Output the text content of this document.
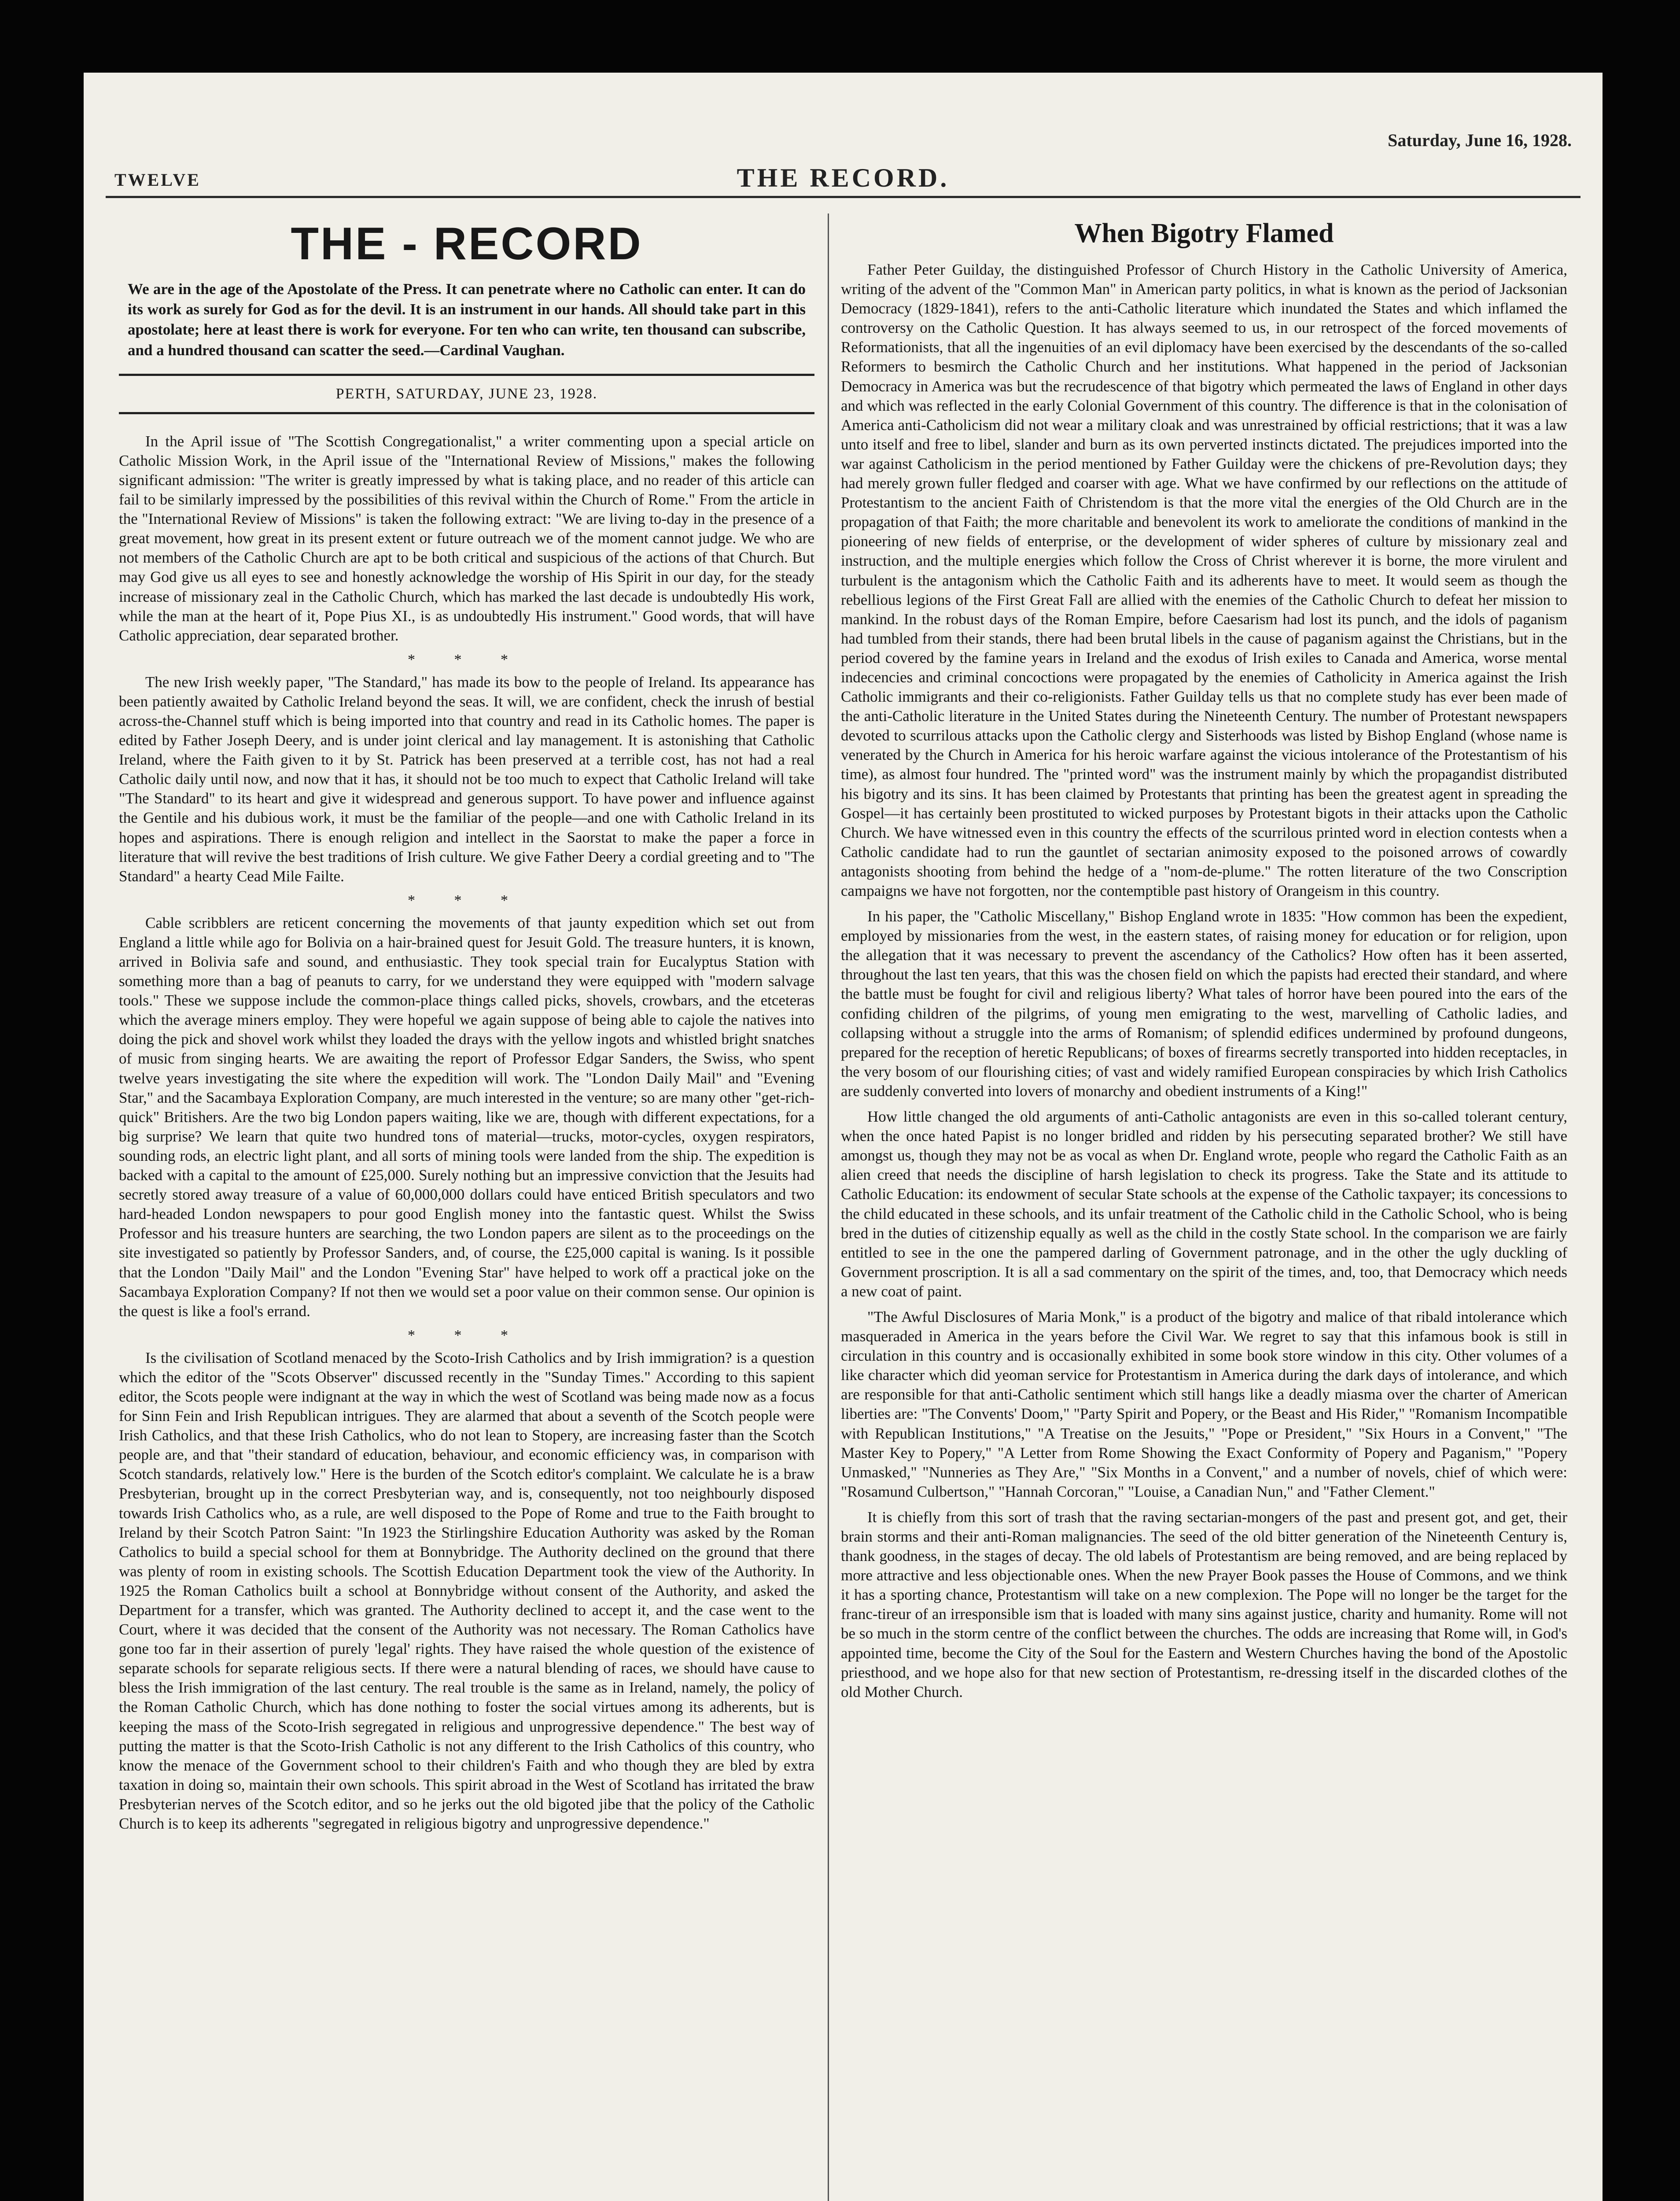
TWELVE	THE RECORD.
Saturday, June 16, 1928.
THE - RECORD
We are in the age of the Apostolate of the Press. It can penetrate where no Catholic can enter. It can do its work as surely for God as for the devil. It is an instrument in our hands. All should take part in this apostolate; here at least there is work for everyone. For ten who can write, ten thousand can subscribe, and a hundred thousand can scatter the seed.—Cardinal Vaughan.
PERTH, SATURDAY, JUNE 23, 1928.

In the April issue of "The Scottish Congregationalist," a writer commenting upon a special article on Catholic Mission Work, in the April issue of the "International Review of Missions," makes the following significant admission: "The writer is greatly impressed by what is taking place, and no reader of this article can fail to be similarly impressed by the possibilities of this revival within the Church of Rome." From the article in the "International Review of Missions" is taken the following extract: "We are living to-day in the presence of a great movement, how great in its present extent or future outreach we of the moment cannot judge. We who are not members of the Catholic Church are apt to be both critical and suspicious of the actions of that Church. But may God give us all eyes to see and honestly acknowledge the worship of His Spirit in our day, for the steady increase of missionary zeal in the Catholic Church, which has marked the last decade is undoubtedly His work, while the man at the heart of it, Pope Pius XI., is as undoubtedly His instrument." Good words, that will have Catholic appreciation, dear separated brother.

* * *

The new Irish weekly paper, "The Standard," has made its bow to the people of Ireland. Its appearance has been patiently awaited by Catholic Ireland beyond the seas. It will, we are confident, check the inrush of bestial across-the-Channel stuff which is being imported into that country and read in its Catholic homes. The paper is edited by Father Joseph Deery, and is under joint clerical and lay management. It is astonishing that Catholic Ireland, where the Faith given to it by St. Patrick has been preserved at a terrible cost, has not had a real Catholic daily until now, and now that it has, it should not be too much to expect that Catholic Ireland will take "The Standard" to its heart and give it widespread and generous support. To have power and influence against the Gentile and his dubious work, it must be the familiar of the people—and one with Catholic Ireland in its hopes and aspirations. There is enough religion and intellect in the Saorstat to make the paper a force in literature that will revive the best traditions of Irish culture. We give Father Deery a cordial greeting and to "The Standard" a hearty Cead Mile Failte.

* * *

Cable scribblers are reticent concerning the movements of that jaunty expedition which set out from England a little while ago for Bolivia on a hair-brained quest for Jesuit Gold. The treasure hunters, it is known, arrived in Bolivia safe and sound, and enthusiastic. They took special train for Eucalyptus Station with something more than a bag of peanuts to carry, for we understand they were equipped with "modern salvage tools." These we suppose include the common-place things called picks, shovels, crowbars, and the etceteras which the average miners employ. They were hopeful we again suppose of being able to cajole the natives into doing the pick and shovel work whilst they loaded the drays with the yellow ingots and whistled bright snatches of music from singing hearts. We are awaiting the report of Professor Edgar Sanders, the Swiss, who spent twelve years investigating the site where the expedition will work. The "London Daily Mail" and "Evening Star," and the Sacambaya Exploration Company, are much interested in the venture; so are many other "get-rich-quick" Britishers. Are the two big London papers waiting, like we are, though with different expectations, for a big surprise? We learn that quite two hundred tons of material—trucks, motor-cycles, oxygen respirators, sounding rods, an electric light plant, and all sorts of mining tools were landed from the ship. The expedition is backed with a capital to the amount of £25,000. Surely nothing but an impressive conviction that the Jesuits had secretly stored away treasure of a value of 60,000,000 dollars could have enticed British speculators and two hard-headed London newspapers to pour good English money into the fantastic quest. Whilst the Swiss Professor and his treasure hunters are searching, the two London papers are silent as to the proceedings on the site investigated so patiently by Professor Sanders, and, of course, the £25,000 capital is waning. Is it possible that the London "Daily Mail" and the London "Evening Star" have helped to work off a practical joke on the Sacambaya Exploration Company? If not then we would set a poor value on their common sense. Our opinion is the quest is like a fool's errand.

* * *

Is the civilisation of Scotland menaced by the Scoto-Irish Catholics and by Irish immigration? is a question which the editor of the "Scots Observer" discussed recently in the "Sunday Times." According to this sapient editor, the Scots people were indignant at the way in which the west of Scotland was being made now as a focus for Sinn Fein and Irish Republican intrigues. They are alarmed that about a seventh of the Scotch people were Irish Catholics, and that these Irish Catholics, who do not lean to Stopery, are increasing faster than the Scotch people are, and that "their standard of education, behaviour, and economic efficiency was, in comparison with Scotch standards, relatively low." Here is the burden of the Scotch editor's complaint. We calculate he is a braw Presbyterian, brought up in the correct Presbyterian way, and is, consequently, not too neighbourly disposed towards Irish Catholics who, as a rule, are well disposed to the Pope of Rome and true to the Faith brought to Ireland by their Scotch Patron Saint: "In 1923 the Stirlingshire Education Authority was asked by the Roman Catholics to build a special school for them at Bonnybridge. The Authority declined on the ground that there was plenty of room in existing schools. The Scottish Education Department took the view of the Authority. In 1925 the Roman Catholics built a school at Bonnybridge without consent of the Authority, and asked the Department for a transfer, which was granted. The Authority declined to accept it, and the case went to the Court, where it was decided that the consent of the Authority was not necessary. The Roman Catholics have gone too far in their assertion of purely 'legal' rights. They have raised the whole question of the existence of separate schools for separate religious sects. If there were a natural blending of races, we should have cause to bless the Irish immigration of the last century. The real trouble is the same as in Ireland, namely, the policy of the Roman Catholic Church, which has done nothing to foster the social virtues among its adherents, but is keeping the mass of the Scoto-Irish segregated in religious and unprogressive dependence." The best way of putting the matter is that the Scoto-Irish Catholic is not any different to the Irish Catholics of this country, who know the menace of the Government school to their children's Faith and who though they are bled by extra taxation in doing so, maintain their own schools. This spirit abroad in the West of Scotland has irritated the braw Presbyterian nerves of the Scotch editor, and so he jerks out the old bigoted jibe that the policy of the Catholic Church is to keep its adherents "segregated in religious bigotry and unprogressive dependence."

When Bigotry Flamed

Father Peter Guilday, the distinguished Professor of Church History in the Catholic University of America, writing of the advent of the "Common Man" in American party politics, in what is known as the period of Jacksonian Democracy (1829-1841), refers to the anti-Catholic literature which inundated the States and which inflamed the controversy on the Catholic Question. It has always seemed to us, in our retrospect of the forced movements of Reformationists, that all the ingenuities of an evil diplomacy have been exercised by the descendants of the so-called Reformers to besmirch the Catholic Church and her institutions. What happened in the period of Jacksonian Democracy in America was but the recrudescence of that bigotry which permeated the laws of England in other days and which was reflected in the early Colonial Government of this country. The difference is that in the colonisation of America anti-Catholicism did not wear a military cloak and was unrestrained by official restrictions; that it was a law unto itself and free to libel, slander and burn as its own perverted instincts dictated. The prejudices imported into the war against Catholicism in the period mentioned by Father Guilday were the chickens of pre-Revolution days; they had merely grown fuller fledged and coarser with age. What we have confirmed by our reflections on the attitude of Protestantism to the ancient Faith of Christendom is that the more vital the energies of the Old Church are in the propagation of that Faith; the more charitable and benevolent its work to ameliorate the conditions of mankind in the pioneering of new fields of enterprise, or the development of wider spheres of culture by missionary zeal and instruction, and the multiple energies which follow the Cross of Christ wherever it is borne, the more virulent and turbulent is the antagonism which the Catholic Faith and its adherents have to meet. It would seem as though the rebellious legions of the First Great Fall are allied with the enemies of the Catholic Church to defeat her mission to mankind. In the robust days of the Roman Empire, before Caesarism had lost its punch, and the idols of paganism had tumbled from their stands, there had been brutal libels in the cause of paganism against the Christians, but in the period covered by the famine years in Ireland and the exodus of Irish exiles to Canada and America, worse mental indecencies and criminal concoctions were propagated by the enemies of Catholicity in America against the Irish Catholic immigrants and their co-religionists. Father Guilday tells us that no complete study has ever been made of the anti-Catholic literature in the United States during the Nineteenth Century. The number of Protestant newspapers devoted to scurrilous attacks upon the Catholic clergy and Sisterhoods was listed by Bishop England (whose name is venerated by the Church in America for his heroic warfare against the vicious intolerance of the Protestantism of his time), as almost four hundred. The "printed word" was the instrument mainly by which the propagandist distributed his bigotry and its sins. It has been claimed by Protestants that printing has been the greatest agent in spreading the Gospel—it has certainly been prostituted to wicked purposes by Protestant bigots in their attacks upon the Catholic Church. We have witnessed even in this country the effects of the scurrilous printed word in election contests when a Catholic candidate had to run the gauntlet of sectarian animosity exposed to the poisoned arrows of cowardly antagonists shooting from behind the hedge of a "nom-de-plume." The rotten literature of the two Conscription campaigns we have not forgotten, nor the contemptible past history of Orangeism in this country.

In his paper, the "Catholic Miscellany," Bishop England wrote in 1835: "How common has been the expedient, employed by missionaries from the west, in the eastern states, of raising money for education or for religion, upon the allegation that it was necessary to prevent the ascendancy of the Catholics? How often has it been asserted, throughout the last ten years, that this was the chosen field on which the papists had erected their standard, and where the battle must be fought for civil and religious liberty? What tales of horror have been poured into the ears of the confiding children of the pilgrims, of young men emigrating to the west, marvelling of Catholic ladies, and collapsing without a struggle into the arms of Romanism; of splendid edifices undermined by profound dungeons, prepared for the reception of heretic Republicans; of boxes of firearms secretly transported into hidden receptacles, in the very bosom of our flourishing cities; of vast and widely ramified European conspiracies by which Irish Catholics are suddenly converted into lovers of monarchy and obedient instruments of a King!"

How little changed the old arguments of anti-Catholic antagonists are even in this so-called tolerant century, when the once hated Papist is no longer bridled and ridden by his persecuting separated brother? We still have amongst us, though they may not be as vocal as when Dr. England wrote, people who regard the Catholic Faith as an alien creed that needs the discipline of harsh legislation to check its progress. Take the State and its attitude to Catholic Education: its endowment of secular State schools at the expense of the Catholic taxpayer; its concessions to the child educated in these schools, and its unfair treatment of the Catholic child in the Catholic School, who is being bred in the duties of citizenship equally as well as the child in the costly State school. In the comparison we are fairly entitled to see in the one the pampered darling of Government patronage, and in the other the ugly duckling of Government proscription. It is all a sad commentary on the spirit of the times, and, too, that Democracy which needs a new coat of paint.

"The Awful Disclosures of Maria Monk," is a product of the bigotry and malice of that ribald intolerance which masqueraded in America in the years before the Civil War. We regret to say that this infamous book is still in circulation in this country and is occasionally exhibited in some book store window in this city. Other volumes of a like character which did yeoman service for Protestantism in America during the dark days of intolerance, and which are responsible for that anti-Catholic sentiment which still hangs like a deadly miasma over the charter of American liberties are: "The Convents' Doom," "Party Spirit and Popery, or the Beast and His Rider," "Romanism Incompatible with Republican Institutions," "A Treatise on the Jesuits," "Pope or President," "Six Hours in a Convent," "The Master Key to Popery," "A Letter from Rome Showing the Exact Conformity of Popery and Paganism," "Popery Unmasked," "Nunneries as They Are," "Six Months in a Convent," and a number of novels, chief of which were: "Rosamund Culbertson," "Hannah Corcoran," "Louise, a Canadian Nun," and "Father Clement."

It is chiefly from this sort of trash that the raving sectarian-mongers of the past and present got, and get, their brain storms and their anti-Roman malignancies. The seed of the old bitter generation of the Nineteenth Century is, thank goodness, in the stages of decay. The old labels of Protestantism are being removed, and are being replaced by more attractive and less objectionable ones. When the new Prayer Book passes the House of Commons, and we think it has a sporting chance, Protestantism will take on a new complexion. The Pope will no longer be the target for the franc-tireur of an irresponsible ism that is loaded with many sins against justice, charity and humanity. Rome will not be so much in the storm centre of the conflict between the churches. The odds are increasing that Rome will, in God's appointed time, become the City of the Soul for the Eastern and Western Churches having the bond of the Apostolic priesthood, and we hope also for that new section of Protestantism, re-dressing itself in the discarded clothes of the old Mother Church.
